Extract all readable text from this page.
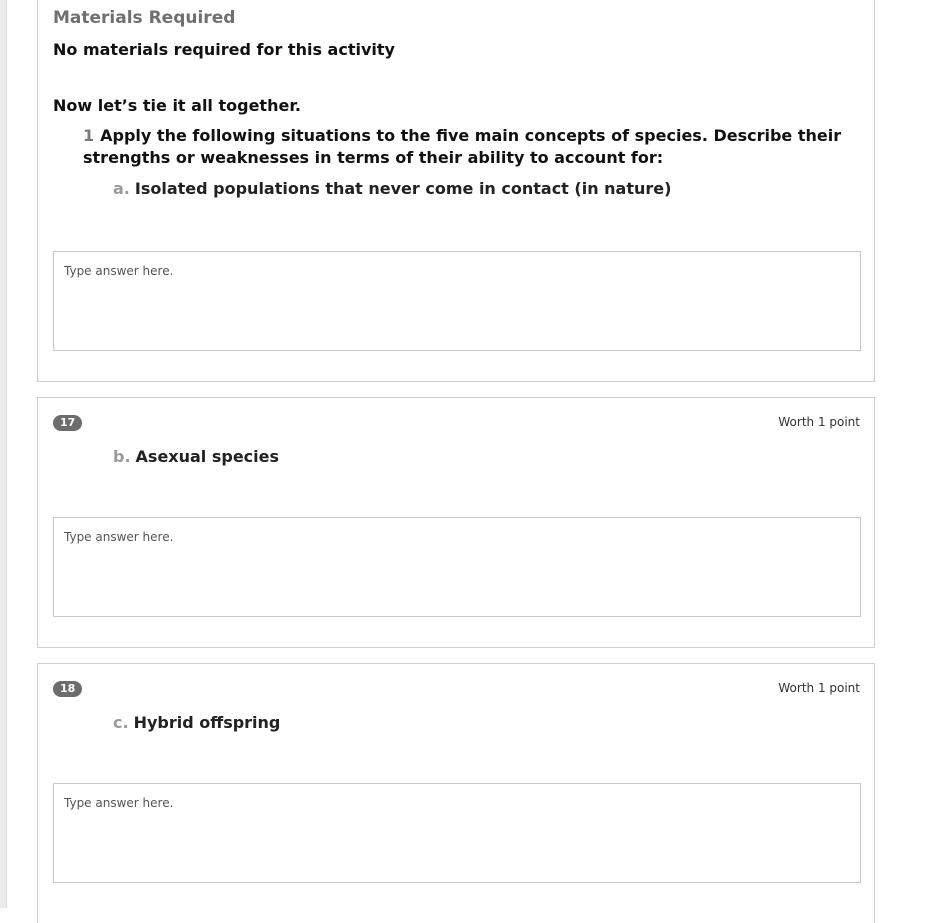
Materials Required
No materials required for this activity
Now let’s tie it all together.
1 Apply the following situations to the five main concepts of species. Describe their strengths or weaknesses in terms of their ability to account for:
a. Isolated populations that never come in contact (in nature)
Type answer here.
17	Worth 1 point
b. Asexual species
Type answer here.
18	Worth 1 point
c. Hybrid offspring
Type answer here.
